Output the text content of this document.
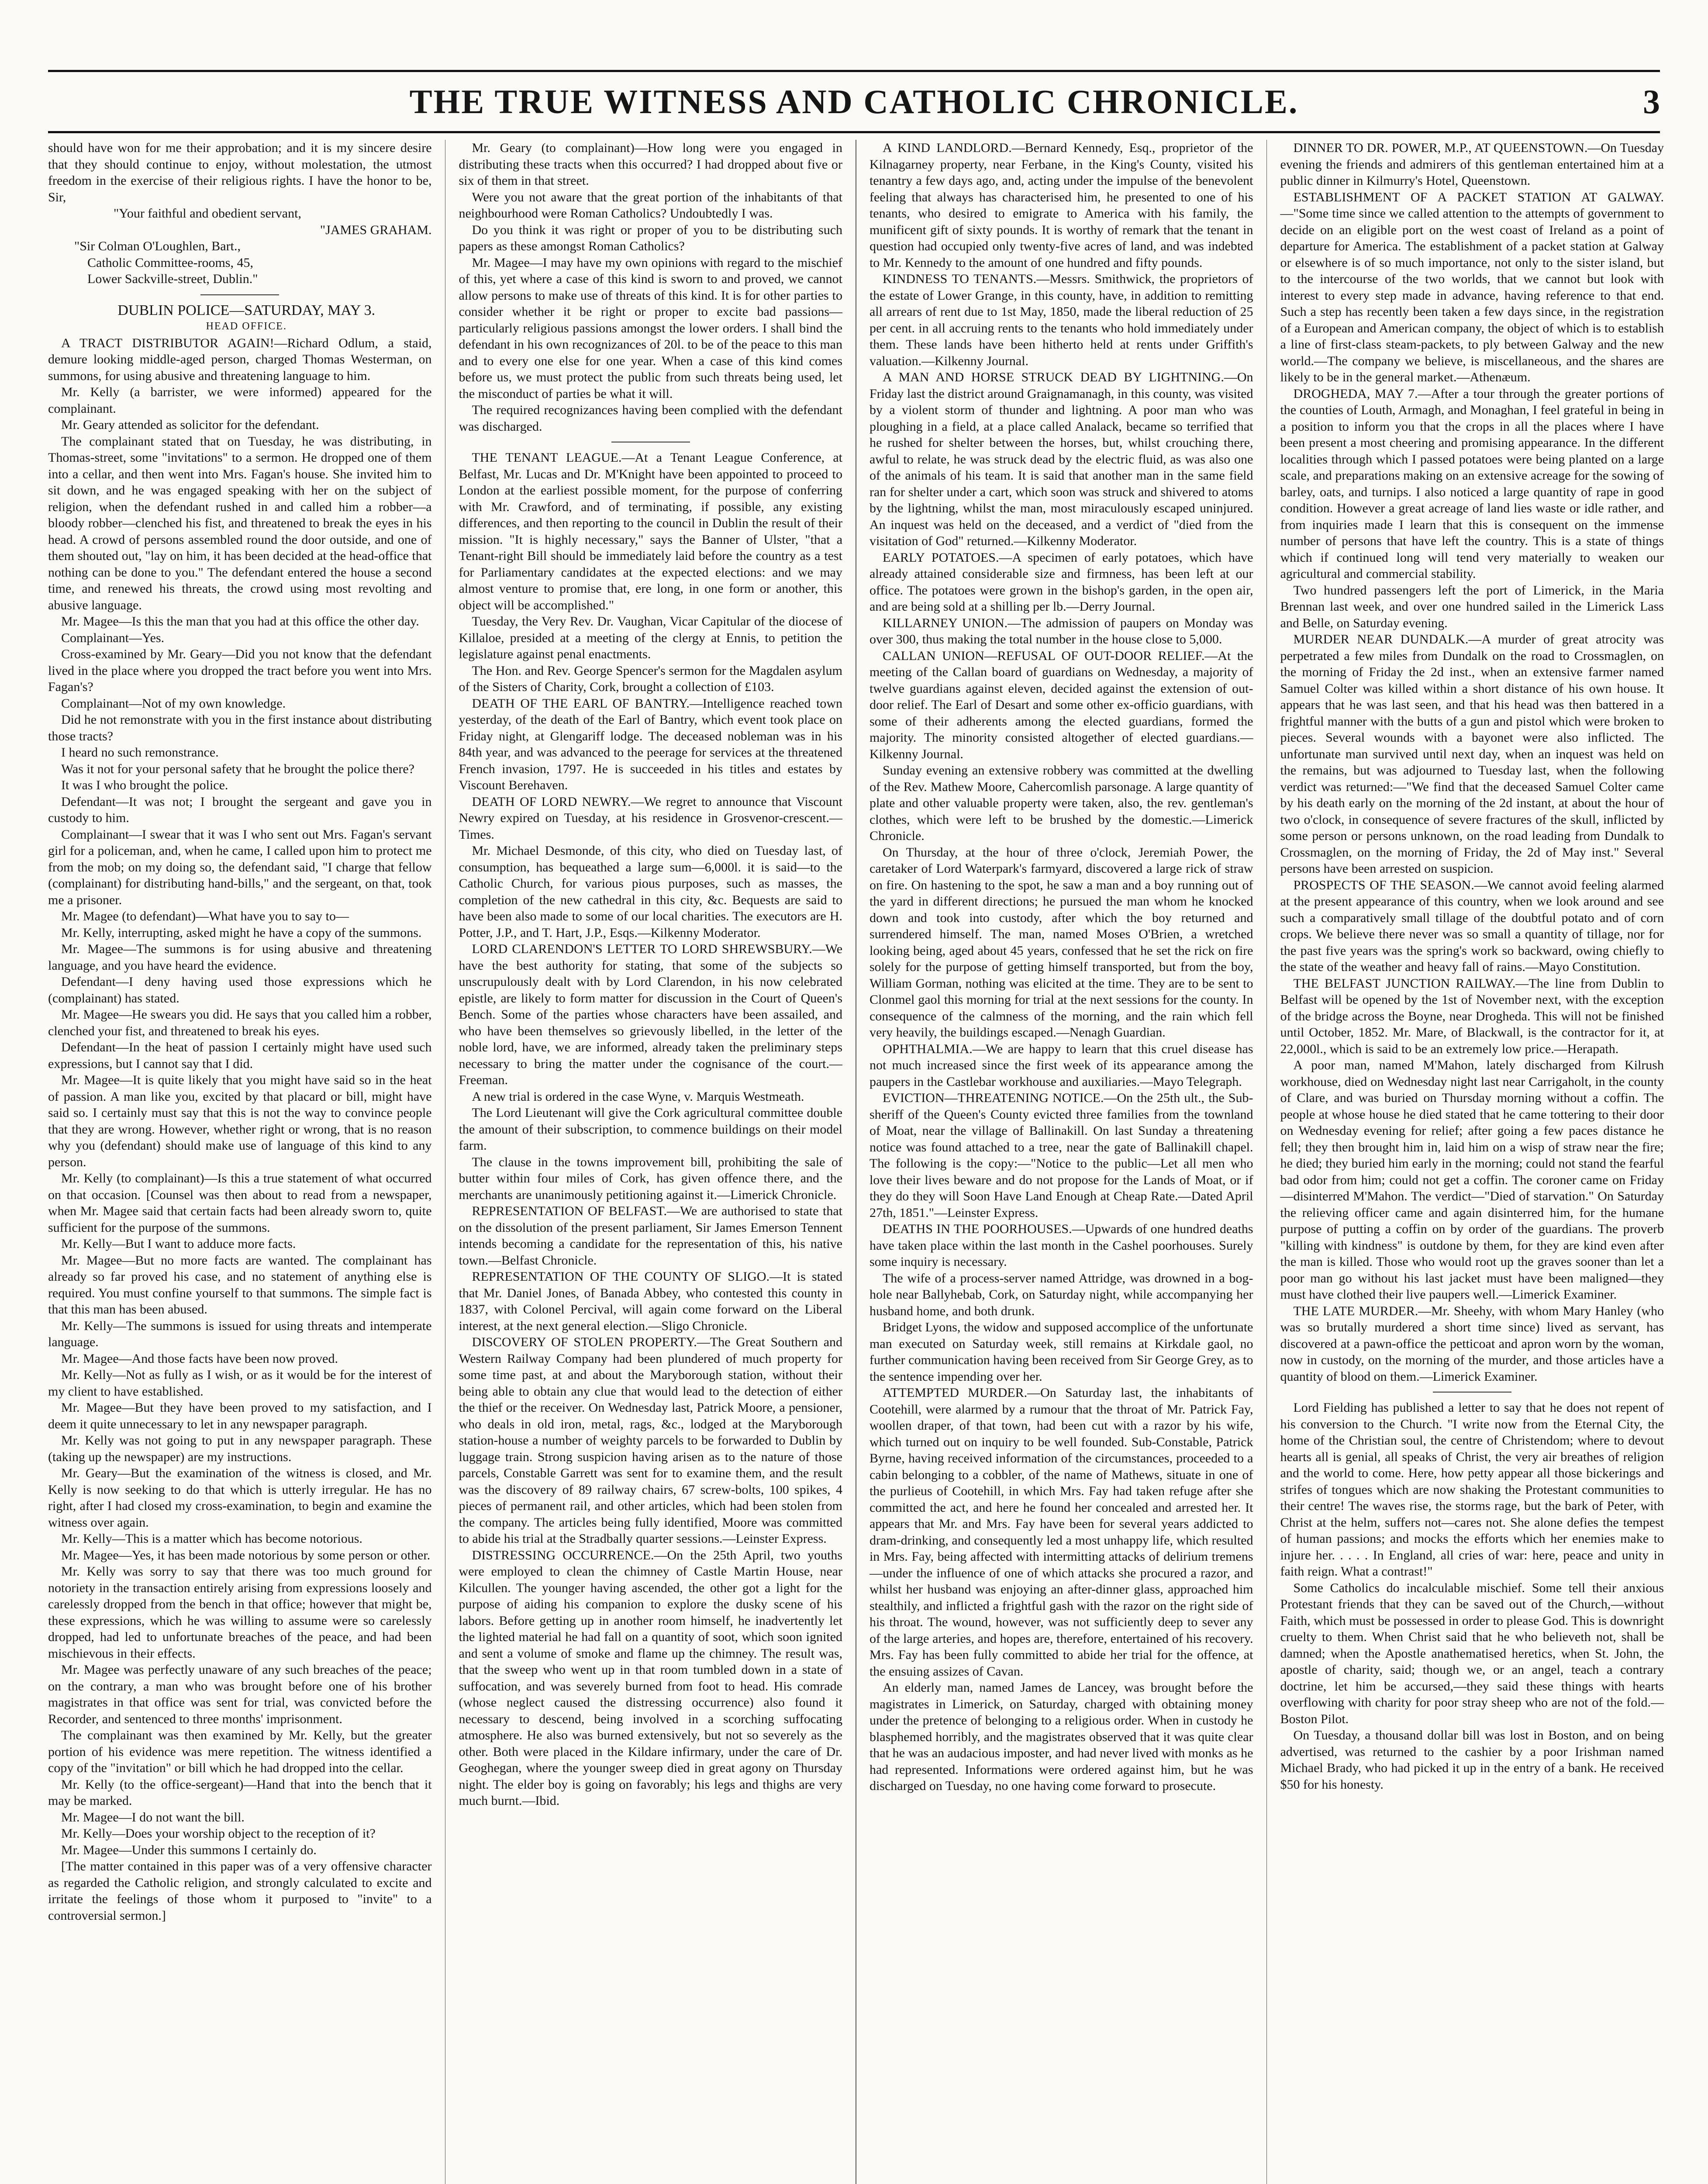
THE TRUE WITNESS AND CATHOLIC CHRONICLE.	3

should have won for me their approbation; and it is my sincere desire that they should continue to enjoy, without molestation, the utmost freedom in the exercise of their religious rights. I have the honor to be, Sir,

"Your faithful and obedient servant,

"JAMES GRAHAM.

"Sir Colman O'Loughlen, Bart.,

Catholic Committee-rooms, 45,

Lower Sackville-street, Dublin."

DUBLIN POLICE—SATURDAY, MAY 3.

HEAD OFFICE.

A TRACT DISTRIBUTOR AGAIN!—Richard Odlum, a staid, demure looking middle-aged person, charged Thomas Westerman, on summons, for using abusive and threatening language to him.

Mr. Kelly (a barrister, we were informed) appeared for the complainant.

Mr. Geary attended as solicitor for the defendant.

The complainant stated that on Tuesday, he was distributing, in Thomas-street, some "invitations" to a sermon. He dropped one of them into a cellar, and then went into Mrs. Fagan's house. She invited him to sit down, and he was engaged speaking with her on the subject of religion, when the defendant rushed in and called him a robber—a bloody robber—clenched his fist, and threatened to break the eyes in his head. A crowd of persons assembled round the door outside, and one of them shouted out, "lay on him, it has been decided at the head-office that nothing can be done to you." The defendant entered the house a second time, and renewed his threats, the crowd using most revolting and abusive language.

Mr. Magee—Is this the man that you had at this office the other day.

Complainant—Yes.

Cross-examined by Mr. Geary—Did you not know that the defendant lived in the place where you dropped the tract before you went into Mrs. Fagan's?

Complainant—Not of my own knowledge.

Did he not remonstrate with you in the first instance about distributing those tracts?

I heard no such remonstrance.

Was it not for your personal safety that he brought the police there?

It was I who brought the police.

Defendant—It was not; I brought the sergeant and gave you in custody to him.

Complainant—I swear that it was I who sent out Mrs. Fagan's servant girl for a policeman, and, when he came, I called upon him to protect me from the mob; on my doing so, the defendant said, "I charge that fellow (complainant) for distributing hand-bills," and the sergeant, on that, took me a prisoner.

Mr. Magee (to defendant)—What have you to say to—

Mr. Kelly, interrupting, asked might he have a copy of the summons.

Mr. Magee—The summons is for using abusive and threatening language, and you have heard the evidence.

Defendant—I deny having used those expressions which he (complainant) has stated.

Mr. Magee—He swears you did. He says that you called him a robber, clenched your fist, and threatened to break his eyes.

Defendant—In the heat of passion I certainly might have used such expressions, but I cannot say that I did.

Mr. Magee—It is quite likely that you might have said so in the heat of passion. A man like you, excited by that placard or bill, might have said so. I certainly must say that this is not the way to convince people that they are wrong. However, whether right or wrong, that is no reason why you (defendant) should make use of language of this kind to any person.

Mr. Kelly (to complainant)—Is this a true statement of what occurred on that occasion. [Counsel was then about to read from a newspaper, when Mr. Magee said that certain facts had been already sworn to, quite sufficient for the purpose of the summons.

Mr. Kelly—But I want to adduce more facts.

Mr. Magee—But no more facts are wanted. The complainant has already so far proved his case, and no statement of anything else is required. You must confine yourself to that summons. The simple fact is that this man has been abused.

Mr. Kelly—The summons is issued for using threats and intemperate language.

Mr. Magee—And those facts have been now proved.

Mr. Kelly—Not as fully as I wish, or as it would be for the interest of my client to have established.

Mr. Magee—But they have been proved to my satisfaction, and I deem it quite unnecessary to let in any newspaper paragraph.

Mr. Kelly was not going to put in any newspaper paragraph. These (taking up the newspaper) are my instructions.

Mr. Geary—But the examination of the witness is closed, and Mr. Kelly is now seeking to do that which is utterly irregular. He has no right, after I had closed my cross-examination, to begin and examine the witness over again.

Mr. Kelly—This is a matter which has become notorious.

Mr. Magee—Yes, it has been made notorious by some person or other.

Mr. Kelly was sorry to say that there was too much ground for notoriety in the transaction entirely arising from expressions loosely and carelessly dropped from the bench in that office; however that might be, these expressions, which he was willing to assume were so carelessly dropped, had led to unfortunate breaches of the peace, and had been mischievous in their effects.

Mr. Magee was perfectly unaware of any such breaches of the peace; on the contrary, a man who was brought before one of his brother magistrates in that office was sent for trial, was convicted before the Recorder, and sentenced to three months' imprisonment.

The complainant was then examined by Mr. Kelly, but the greater portion of his evidence was mere repetition. The witness identified a copy of the "invitation" or bill which he had dropped into the cellar.

Mr. Kelly (to the office-sergeant)—Hand that into the bench that it may be marked.

Mr. Magee—I do not want the bill.

Mr. Kelly—Does your worship object to the reception of it?

Mr. Magee—Under this summons I certainly do.

[The matter contained in this paper was of a very offensive character as regarded the Catholic religion, and strongly calculated to excite and irritate the feelings of those whom it purposed to "invite" to a controversial sermon.]

Mr. Geary (to complainant)—How long were you engaged in distributing these tracts when this occurred? I had dropped about five or six of them in that street.

Were you not aware that the great portion of the inhabitants of that neighbourhood were Roman Catholics? Undoubtedly I was.

Do you think it was right or proper of you to be distributing such papers as these amongst Roman Catholics?

Mr. Magee—I may have my own opinions with regard to the mischief of this, yet where a case of this kind is sworn to and proved, we cannot allow persons to make use of threats of this kind. It is for other parties to consider whether it be right or proper to excite bad passions—particularly religious passions amongst the lower orders. I shall bind the defendant in his own recognizances of 20l. to be of the peace to this man and to every one else for one year. When a case of this kind comes before us, we must protect the public from such threats being used, let the misconduct of parties be what it will.

The required recognizances having been complied with the defendant was discharged.

THE TENANT LEAGUE.—At a Tenant League Conference, at Belfast, Mr. Lucas and Dr. M'Knight have been appointed to proceed to London at the earliest possible moment, for the purpose of conferring with Mr. Crawford, and of terminating, if possible, any existing differences, and then reporting to the council in Dublin the result of their mission. "It is highly necessary," says the Banner of Ulster, "that a Tenant-right Bill should be immediately laid before the country as a test for Parliamentary candidates at the expected elections: and we may almost venture to promise that, ere long, in one form or another, this object will be accomplished."

Tuesday, the Very Rev. Dr. Vaughan, Vicar Capitular of the diocese of Killaloe, presided at a meeting of the clergy at Ennis, to petition the legislature against penal enactments.

The Hon. and Rev. George Spencer's sermon for the Magdalen asylum of the Sisters of Charity, Cork, brought a collection of £103.

DEATH OF THE EARL OF BANTRY.—Intelligence reached town yesterday, of the death of the Earl of Bantry, which event took place on Friday night, at Glengariff lodge. The deceased nobleman was in his 84th year, and was advanced to the peerage for services at the threatened French invasion, 1797. He is succeeded in his titles and estates by Viscount Berehaven.

DEATH OF LORD NEWRY.—We regret to announce that Viscount Newry expired on Tuesday, at his residence in Grosvenor-crescent.—Times.

Mr. Michael Desmonde, of this city, who died on Tuesday last, of consumption, has bequeathed a large sum—6,000l. it is said—to the Catholic Church, for various pious purposes, such as masses, the completion of the new cathedral in this city, &c. Bequests are said to have been also made to some of our local charities. The executors are H. Potter, J.P., and T. Hart, J.P., Esqs.—Kilkenny Moderator.

LORD CLARENDON'S LETTER TO LORD SHREWSBURY.—We have the best authority for stating, that some of the subjects so unscrupulously dealt with by Lord Clarendon, in his now celebrated epistle, are likely to form matter for discussion in the Court of Queen's Bench. Some of the parties whose characters have been assailed, and who have been themselves so grievously libelled, in the letter of the noble lord, have, we are informed, already taken the preliminary steps necessary to bring the matter under the cognisance of the court.—Freeman.

A new trial is ordered in the case Wyne, v. Marquis Westmeath.

The Lord Lieutenant will give the Cork agricultural committee double the amount of their subscription, to commence buildings on their model farm.

The clause in the towns improvement bill, prohibiting the sale of butter within four miles of Cork, has given offence there, and the merchants are unanimously petitioning against it.—Limerick Chronicle.

REPRESENTATION OF BELFAST.—We are authorised to state that on the dissolution of the present parliament, Sir James Emerson Tennent intends becoming a candidate for the representation of this, his native town.—Belfast Chronicle.

REPRESENTATION OF THE COUNTY OF SLIGO.—It is stated that Mr. Daniel Jones, of Banada Abbey, who contested this county in 1837, with Colonel Percival, will again come forward on the Liberal interest, at the next general election.—Sligo Chronicle.

DISCOVERY OF STOLEN PROPERTY.—The Great Southern and Western Railway Company had been plundered of much property for some time past, at and about the Maryborough station, without their being able to obtain any clue that would lead to the detection of either the thief or the receiver. On Wednesday last, Patrick Moore, a pensioner, who deals in old iron, metal, rags, &c., lodged at the Maryborough station-house a number of weighty parcels to be forwarded to Dublin by luggage train. Strong suspicion having arisen as to the nature of those parcels, Constable Garrett was sent for to examine them, and the result was the discovery of 89 railway chairs, 67 screw-bolts, 100 spikes, 4 pieces of permanent rail, and other articles, which had been stolen from the company. The articles being fully identified, Moore was committed to abide his trial at the Stradbally quarter sessions.—Leinster Express.

DISTRESSING OCCURRENCE.—On the 25th April, two youths were employed to clean the chimney of Castle Martin House, near Kilcullen. The younger having ascended, the other got a light for the purpose of aiding his companion to explore the dusky scene of his labors. Before getting up in another room himself, he inadvertently let the lighted material he had fall on a quantity of soot, which soon ignited and sent a volume of smoke and flame up the chimney. The result was, that the sweep who went up in that room tumbled down in a state of suffocation, and was severely burned from foot to head. His comrade (whose neglect caused the distressing occurrence) also found it necessary to descend, being involved in a scorching suffocating atmosphere. He also was burned extensively, but not so severely as the other. Both were placed in the Kildare infirmary, under the care of Dr. Geoghegan, where the younger sweep died in great agony on Thursday night. The elder boy is going on favorably; his legs and thighs are very much burnt.—Ibid.

A KIND LANDLORD.—Bernard Kennedy, Esq., proprietor of the Kilnagarney property, near Ferbane, in the King's County, visited his tenantry a few days ago, and, acting under the impulse of the benevolent feeling that always has characterised him, he presented to one of his tenants, who desired to emigrate to America with his family, the munificent gift of sixty pounds. It is worthy of remark that the tenant in question had occupied only twenty-five acres of land, and was indebted to Mr. Kennedy to the amount of one hundred and fifty pounds.

KINDNESS TO TENANTS.—Messrs. Smithwick, the proprietors of the estate of Lower Grange, in this county, have, in addition to remitting all arrears of rent due to 1st May, 1850, made the liberal reduction of 25 per cent. in all accruing rents to the tenants who hold immediately under them. These lands have been hitherto held at rents under Griffith's valuation.—Kilkenny Journal.

A MAN AND HORSE STRUCK DEAD BY LIGHTNING.—On Friday last the district around Graignamanagh, in this county, was visited by a violent storm of thunder and lightning. A poor man who was ploughing in a field, at a place called Analack, became so terrified that he rushed for shelter between the horses, but, whilst crouching there, awful to relate, he was struck dead by the electric fluid, as was also one of the animals of his team. It is said that another man in the same field ran for shelter under a cart, which soon was struck and shivered to atoms by the lightning, whilst the man, most miraculously escaped uninjured. An inquest was held on the deceased, and a verdict of "died from the visitation of God" returned.—Kilkenny Moderator.

EARLY POTATOES.—A specimen of early potatoes, which have already attained considerable size and firmness, has been left at our office. The potatoes were grown in the bishop's garden, in the open air, and are being sold at a shilling per lb.—Derry Journal.

KILLARNEY UNION.—The admission of paupers on Monday was over 300, thus making the total number in the house close to 5,000.

CALLAN UNION—REFUSAL OF OUT-DOOR RELIEF.—At the meeting of the Callan board of guardians on Wednesday, a majority of twelve guardians against eleven, decided against the extension of out-door relief. The Earl of Desart and some other ex-officio guardians, with some of their adherents among the elected guardians, formed the majority. The minority consisted altogether of elected guardians.—Kilkenny Journal.

Sunday evening an extensive robbery was committed at the dwelling of the Rev. Mathew Moore, Cahercomlish parsonage. A large quantity of plate and other valuable property were taken, also, the rev. gentleman's clothes, which were left to be brushed by the domestic.—Limerick Chronicle.

On Thursday, at the hour of three o'clock, Jeremiah Power, the caretaker of Lord Waterpark's farmyard, discovered a large rick of straw on fire. On hastening to the spot, he saw a man and a boy running out of the yard in different directions; he pursued the man whom he knocked down and took into custody, after which the boy returned and surrendered himself. The man, named Moses O'Brien, a wretched looking being, aged about 45 years, confessed that he set the rick on fire solely for the purpose of getting himself transported, but from the boy, William Gorman, nothing was elicited at the time. They are to be sent to Clonmel gaol this morning for trial at the next sessions for the county. In consequence of the calmness of the morning, and the rain which fell very heavily, the buildings escaped.—Nenagh Guardian.

OPHTHALMIA.—We are happy to learn that this cruel disease has not much increased since the first week of its appearance among the paupers in the Castlebar workhouse and auxiliaries.—Mayo Telegraph.

EVICTION—THREATENING NOTICE.—On the 25th ult., the Sub-sheriff of the Queen's County evicted three families from the townland of Moat, near the village of Ballinakill. On last Sunday a threatening notice was found attached to a tree, near the gate of Ballinakill chapel. The following is the copy:—"Notice to the public—Let all men who love their lives beware and do not propose for the Lands of Moat, or if they do they will Soon Have Land Enough at Cheap Rate.—Dated April 27th, 1851."—Leinster Express.

DEATHS IN THE POORHOUSES.—Upwards of one hundred deaths have taken place within the last month in the Cashel poorhouses. Surely some inquiry is necessary.

The wife of a process-server named Attridge, was drowned in a bog-hole near Ballyhebab, Cork, on Saturday night, while accompanying her husband home, and both drunk.

Bridget Lyons, the widow and supposed accomplice of the unfortunate man executed on Saturday week, still remains at Kirkdale gaol, no further communication having been received from Sir George Grey, as to the sentence impending over her.

ATTEMPTED MURDER.—On Saturday last, the inhabitants of Cootehill, were alarmed by a rumour that the throat of Mr. Patrick Fay, woollen draper, of that town, had been cut with a razor by his wife, which turned out on inquiry to be well founded. Sub-Constable, Patrick Byrne, having received information of the circumstances, proceeded to a cabin belonging to a cobbler, of the name of Mathews, situate in one of the purlieus of Cootehill, in which Mrs. Fay had taken refuge after she committed the act, and here he found her concealed and arrested her. It appears that Mr. and Mrs. Fay have been for several years addicted to dram-drinking, and consequently led a most unhappy life, which resulted in Mrs. Fay, being affected with intermitting attacks of delirium tremens—under the influence of one of which attacks she procured a razor, and whilst her husband was enjoying an after-dinner glass, approached him stealthily, and inflicted a frightful gash with the razor on the right side of his throat. The wound, however, was not sufficiently deep to sever any of the large arteries, and hopes are, therefore, entertained of his recovery. Mrs. Fay has been fully committed to abide her trial for the offence, at the ensuing assizes of Cavan.

An elderly man, named James de Lancey, was brought before the magistrates in Limerick, on Saturday, charged with obtaining money under the pretence of belonging to a religious order. When in custody he blasphemed horribly, and the magistrates observed that it was quite clear that he was an audacious imposter, and had never lived with monks as he had represented. Informations were ordered against him, but he was discharged on Tuesday, no one having come forward to prosecute.

DINNER TO DR. POWER, M.P., AT QUEENSTOWN.—On Tuesday evening the friends and admirers of this gentleman entertained him at a public dinner in Kilmurry's Hotel, Queenstown.

ESTABLISHMENT OF A PACKET STATION AT GALWAY.—"Some time since we called attention to the attempts of government to decide on an eligible port on the west coast of Ireland as a point of departure for America. The establishment of a packet station at Galway or elsewhere is of so much importance, not only to the sister island, but to the intercourse of the two worlds, that we cannot but look with interest to every step made in advance, having reference to that end. Such a step has recently been taken a few days since, in the registration of a European and American company, the object of which is to establish a line of first-class steam-packets, to ply between Galway and the new world.—The company we believe, is miscellaneous, and the shares are likely to be in the general market.—Athenæum.

DROGHEDA, MAY 7.—After a tour through the greater portions of the counties of Louth, Armagh, and Monaghan, I feel grateful in being in a position to inform you that the crops in all the places where I have been present a most cheering and promising appearance. In the different localities through which I passed potatoes were being planted on a large scale, and preparations making on an extensive acreage for the sowing of barley, oats, and turnips. I also noticed a large quantity of rape in good condition. However a great acreage of land lies waste or idle rather, and from inquiries made I learn that this is consequent on the immense number of persons that have left the country. This is a state of things which if continued long will tend very materially to weaken our agricultural and commercial stability.

Two hundred passengers left the port of Limerick, in the Maria Brennan last week, and over one hundred sailed in the Limerick Lass and Belle, on Saturday evening.

MURDER NEAR DUNDALK.—A murder of great atrocity was perpetrated a few miles from Dundalk on the road to Crossmaglen, on the morning of Friday the 2d inst., when an extensive farmer named Samuel Colter was killed within a short distance of his own house. It appears that he was last seen, and that his head was then battered in a frightful manner with the butts of a gun and pistol which were broken to pieces. Several wounds with a bayonet were also inflicted. The unfortunate man survived until next day, when an inquest was held on the remains, but was adjourned to Tuesday last, when the following verdict was returned:—"We find that the deceased Samuel Colter came by his death early on the morning of the 2d instant, at about the hour of two o'clock, in consequence of severe fractures of the skull, inflicted by some person or persons unknown, on the road leading from Dundalk to Crossmaglen, on the morning of Friday, the 2d of May inst." Several persons have been arrested on suspicion.

PROSPECTS OF THE SEASON.—We cannot avoid feeling alarmed at the present appearance of this country, when we look around and see such a comparatively small tillage of the doubtful potato and of corn crops. We believe there never was so small a quantity of tillage, nor for the past five years was the spring's work so backward, owing chiefly to the state of the weather and heavy fall of rains.—Mayo Constitution.

THE BELFAST JUNCTION RAILWAY.—The line from Dublin to Belfast will be opened by the 1st of November next, with the exception of the bridge across the Boyne, near Drogheda. This will not be finished until October, 1852. Mr. Mare, of Blackwall, is the contractor for it, at 22,000l., which is said to be an extremely low price.—Herapath.

A poor man, named M'Mahon, lately discharged from Kilrush workhouse, died on Wednesday night last near Carrigaholt, in the county of Clare, and was buried on Thursday morning without a coffin. The people at whose house he died stated that he came tottering to their door on Wednesday evening for relief; after going a few paces distance he fell; they then brought him in, laid him on a wisp of straw near the fire; he died; they buried him early in the morning; could not stand the fearful bad odor from him; could not get a coffin. The coroner came on Friday—disinterred M'Mahon. The verdict—"Died of starvation." On Saturday the relieving officer came and again disinterred him, for the humane purpose of putting a coffin on by order of the guardians. The proverb "killing with kindness" is outdone by them, for they are kind even after the man is killed. Those who would root up the graves sooner than let a poor man go without his last jacket must have been maligned—they must have clothed their live paupers well.—Limerick Examiner.

THE LATE MURDER.—Mr. Sheehy, with whom Mary Hanley (who was so brutally murdered a short time since) lived as servant, has discovered at a pawn-office the petticoat and apron worn by the woman, now in custody, on the morning of the murder, and those articles have a quantity of blood on them.—Limerick Examiner.

Lord Fielding has published a letter to say that he does not repent of his conversion to the Church. "I write now from the Eternal City, the home of the Christian soul, the centre of Christendom; where to devout hearts all is genial, all speaks of Christ, the very air breathes of religion and the world to come. Here, how petty appear all those bickerings and strifes of tongues which are now shaking the Protestant communities to their centre! The waves rise, the storms rage, but the bark of Peter, with Christ at the helm, suffers not—cares not. She alone defies the tempest of human passions; and mocks the efforts which her enemies make to injure her. . . . . In England, all cries of war: here, peace and unity in faith reign. What a contrast!"

Some Catholics do incalculable mischief. Some tell their anxious Protestant friends that they can be saved out of the Church,—without Faith, which must be possessed in order to please God. This is downright cruelty to them. When Christ said that he who believeth not, shall be damned; when the Apostle anathematised heretics, when St. John, the apostle of charity, said; though we, or an angel, teach a contrary doctrine, let him be accursed,—they said these things with hearts overflowing with charity for poor stray sheep who are not of the fold.—Boston Pilot.

On Tuesday, a thousand dollar bill was lost in Boston, and on being advertised, was returned to the cashier by a poor Irishman named Michael Brady, who had picked it up in the entry of a bank. He received $50 for his honesty.
